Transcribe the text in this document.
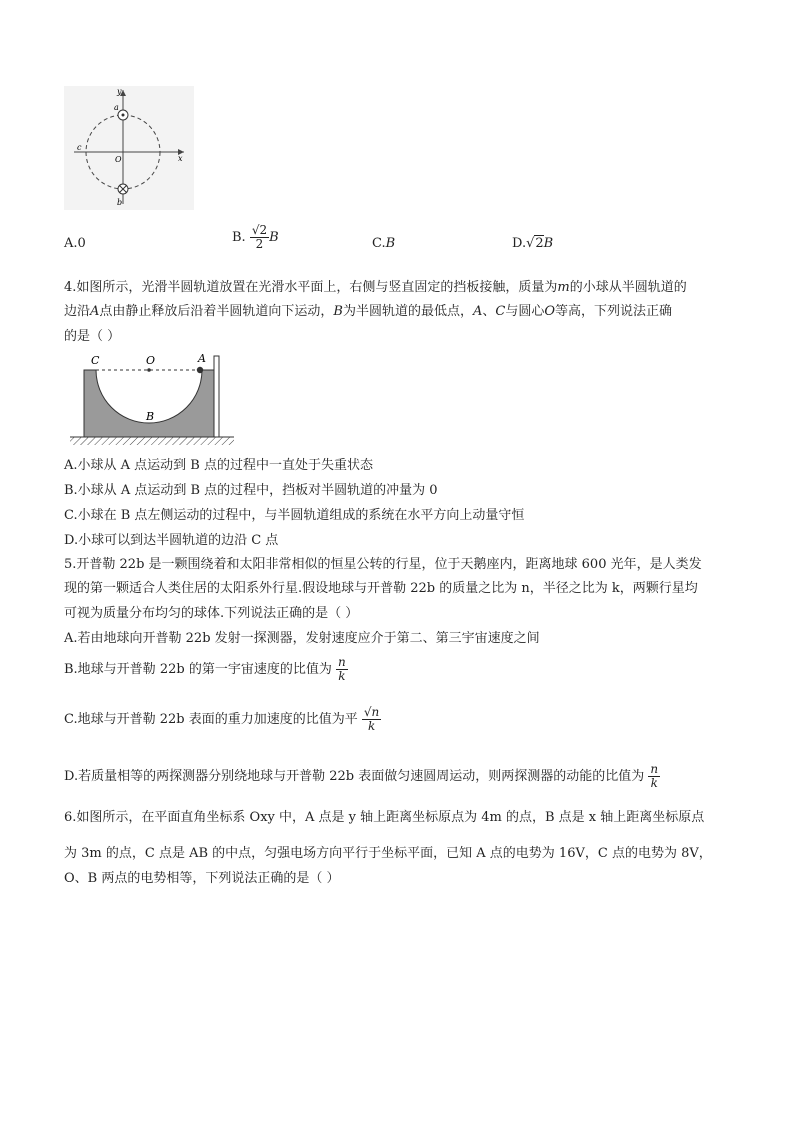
y
a
c
O	x
b
A.0	B. $\frac{√2}{2}$ B	C.B	D.√2B
4.如图所示，光滑半圆轨道放置在光滑水平面上，右侧与竖直固定的挡板接触，质量为m的小球从半圆轨道的
边沿A点由静止释放后沿着半圆轨道向下运动，B为半圆轨道的最低点，A、C与圆心O等高，下列说法正确
的是（ ）
C	O	A
B
A.小球从 A 点运动到 B 点的过程中一直处于失重状态
B.小球从 A 点运动到 B 点的过程中，挡板对半圆轨道的冲量为 0
C.小球在 B 点左侧运动的过程中，与半圆轨道组成的系统在水平方向上动量守恒
D.小球可以到达半圆轨道的边沿 C 点
5.开普勒 22b 是一颗围绕着和太阳非常相似的恒星公转的行星，位于天鹅座内，距离地球 600 光年，是人类发
现的第一颗适合人类住居的太阳系外行星.假设地球与开普勒 22b 的质量之比为 n，半径之比为 k，两颗行星均
可视为质量分布均匀的球体.下列说法正确的是（ ）
A.若由地球向开普勒 22b 发射一探测器，发射速度应介于第二、第三宇宙速度之间
B.地球与开普勒 22b 的第一宇宙速度的比值为 $\frac{n}{k}$
C.地球与开普勒 22b 表面的重力加速度的比值为平 $\frac{√n}{k}$
D.若质量相等的两探测器分别绕地球与开普勒 22b 表面做匀速圆周运动，则两探测器的动能的比值为 $\frac{n}{k}$
6.如图所示，在平面直角坐标系 Oxy 中，A 点是 y 轴上距离坐标原点为 4m 的点，B 点是 x 轴上距离坐标原点
为 3m 的点，C 点是 AB 的中点，匀强电场方向平行于坐标平面，已知 A 点的电势为 16V，C 点的电势为 8V，
O、B 两点的电势相等，下列说法正确的是（ ）
